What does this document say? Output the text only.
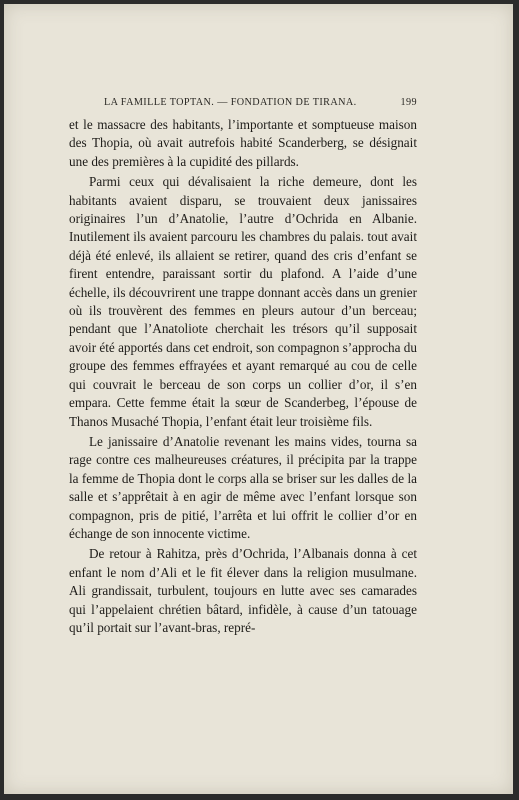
LA FAMILLE TOPTAN. — FONDATION DE TIRANA.	199

et le massacre des habitants, l’importante et somptueuse maison des Thopia, où avait autrefois habité Scanderberg, se désignait une des premières à la cupidité des pillards.

Parmi ceux qui dévalisaient la riche demeure, dont les habitants avaient disparu, se trouvaient deux janissaires originaires l’un d’Anatolie, l’autre d’Ochrida en Albanie. Inutilement ils avaient parcouru les chambres du palais. tout avait déjà été enlevé, ils allaient se retirer, quand des cris d’enfant se firent entendre, paraissant sortir du plafond. A l’aide d’une échelle, ils découvrirent une trappe donnant accès dans un grenier où ils trouvèrent des femmes en pleurs autour d’un berceau; pendant que l’Anatoliote cherchait les trésors qu’il supposait avoir été apportés dans cet endroit, son compagnon s’approcha du groupe des femmes effrayées et ayant remarqué au cou de celle qui couvrait le berceau de son corps un collier d’or, il s’en empara. Cette femme était la sœur de Scanderbeg, l’épouse de Thanos Musaché Thopia, l’enfant était leur troisième fils.

Le janissaire d’Anatolie revenant les mains vides, tourna sa rage contre ces malheureuses créatures, il précipita par la trappe la femme de Thopia dont le corps alla se briser sur les dalles de la salle et s’apprêtait à en agir de même avec l’enfant lorsque son compagnon, pris de pitié, l’arrêta et lui offrit le collier d’or en échange de son innocente victime.

De retour à Rahitza, près d’Ochrida, l’Albanais donna à cet enfant le nom d’Ali et le fit élever dans la religion musulmane. Ali grandissait, turbulent, toujours en lutte avec ses camarades qui l’appelaient chrétien bâtard, infidèle, à cause d’un tatouage qu’il portait sur l’avant-bras, repré-
